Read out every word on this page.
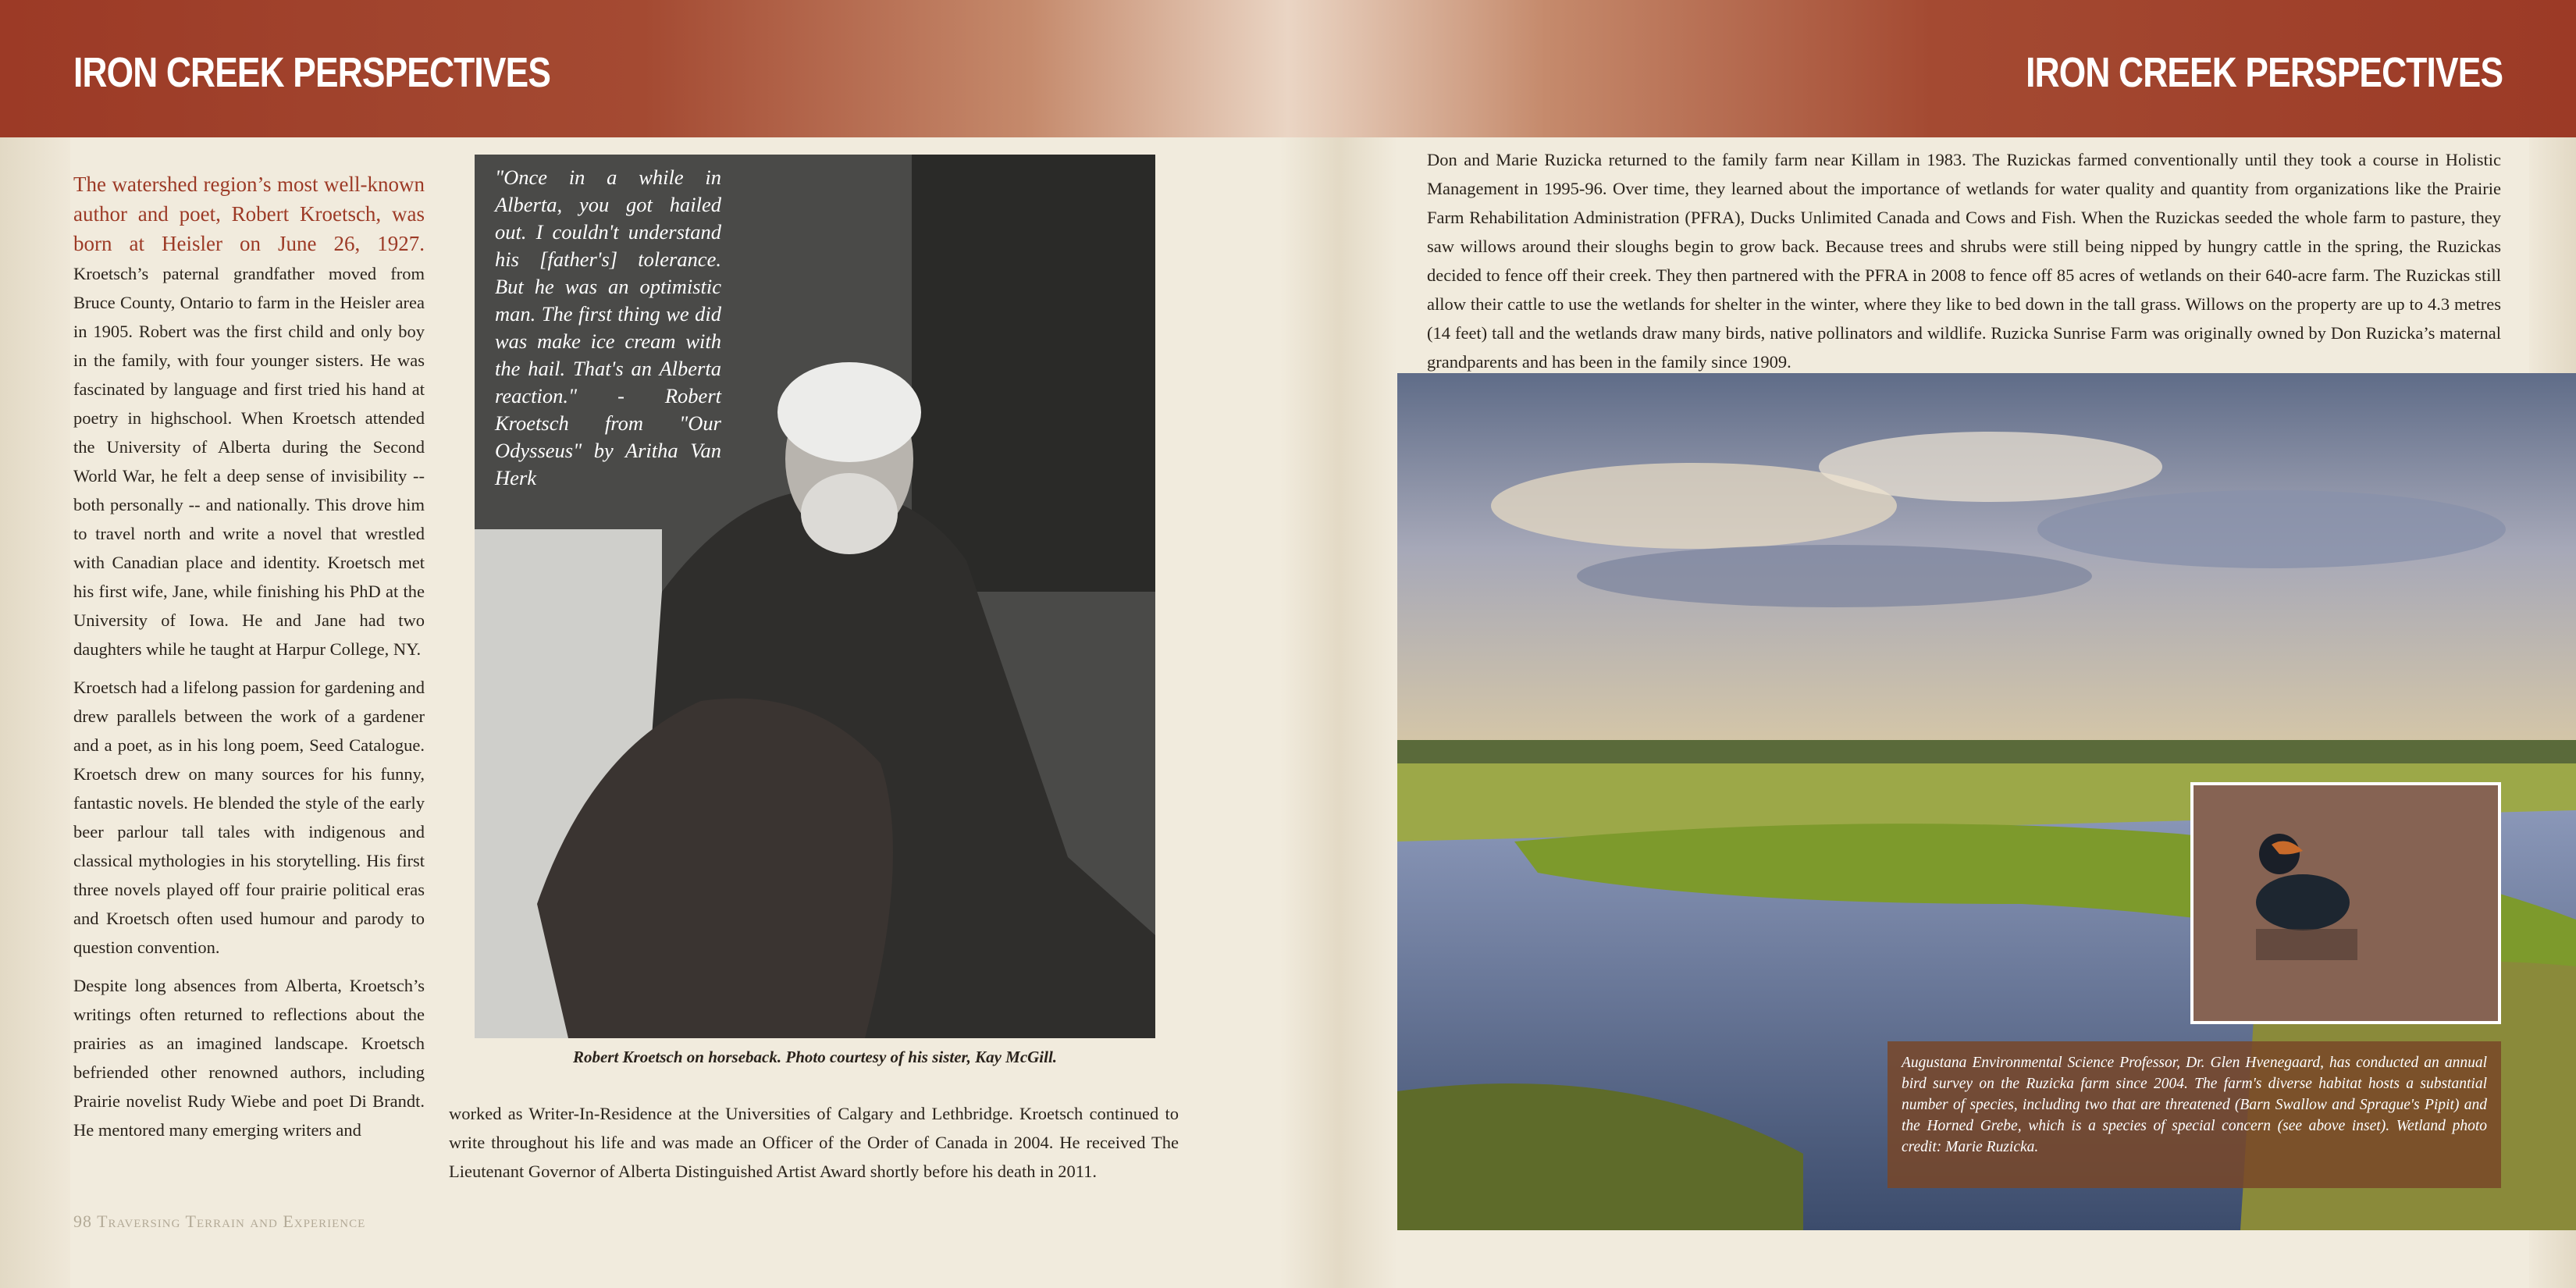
IRON CREEK PERSPECTIVES	IRON CREEK PERSPECTIVES

The watershed region’s most well-known author and poet, Robert Kroetsch, was born at Heisler on June 26, 1927. Kroetsch’s paternal grandfather moved from Bruce County, Ontario to farm in the Heisler area in 1905. Robert was the first child and only boy in the family, with four younger sisters. He was fascinated by language and first tried his hand at poetry in highschool. When Kroetsch attended the University of Alberta during the Second World War, he felt a deep sense of invisibility -- both personally -- and nationally. This drove him to travel north and write a novel that wrestled with Canadian place and identity. Kroetsch met his first wife, Jane, while finishing his PhD at the University of Iowa. He and Jane had two daughters while he taught at Harpur College, NY.

Kroetsch had a lifelong passion for gardening and drew parallels between the work of a gardener and a poet, as in his long poem, Seed Catalogue. Kroetsch drew on many sources for his funny, fantastic novels. He blended the style of the early beer parlour tall tales with indigenous and classical mythologies in his storytelling. His first three novels played off four prairie political eras and Kroetsch often used humour and parody to question convention.

Despite long absences from Alberta, Kroetsch’s writings often returned to reflections about the prairies as an imagined landscape. Kroetsch befriended other renowned authors, including Prairie novelist Rudy Wiebe and poet Di Brandt. He mentored many emerging writers and

"Once in a while in Alberta, you got hailed out. I couldn't understand his [father's] tolerance. But he was an optimistic man. The first thing we did was make ice cream with the hail. That's an Alberta reaction." - Robert Kroetsch from "Our Odysseus" by Aritha Van Herk
Robert Kroetsch on horseback. Photo courtesy of his sister, Kay McGill.
worked as Writer-In-Residence at the Universities of Calgary and Lethbridge. Kroetsch continued to write throughout his life and was made an Officer of the Order of Canada in 2004. He received The Lieutenant Governor of Alberta Distinguished Artist Award shortly before his death in 2011.
98 Traversing Terrain and Experience
Don and Marie Ruzicka returned to the family farm near Killam in 1983. The Ruzickas farmed conventionally until they took a course in Holistic Management in 1995-96. Over time, they learned about the importance of wetlands for water quality and quantity from organizations like the Prairie Farm Rehabilitation Administration (PFRA), Ducks Unlimited Canada and Cows and Fish. When the Ruzickas seeded the whole farm to pasture, they saw willows around their sloughs begin to grow back. Because trees and shrubs were still being nipped by hungry cattle in the spring, the Ruzickas decided to fence off their creek. They then partnered with the PFRA in 2008 to fence off 85 acres of wetlands on their 640-acre farm. The Ruzickas still allow their cattle to use the wetlands for shelter in the winter, where they like to bed down in the tall grass. Willows on the property are up to 4.3 metres (14 feet) tall and the wetlands draw many birds, native pollinators and wildlife. Ruzicka Sunrise Farm was originally owned by Don Ruzicka’s maternal grandparents and has been in the family since 1909.
Augustana Environmental Science Professor, Dr. Glen Hvenegaard, has conducted an annual bird survey on the Ruzicka farm since 2004. The farm's diverse habitat hosts a substantial number of species, including two that are threatened (Barn Swallow and Sprague's Pipit) and the Horned Grebe, which is a species of special concern (see above inset). Wetland photo credit: Marie Ruzicka.
